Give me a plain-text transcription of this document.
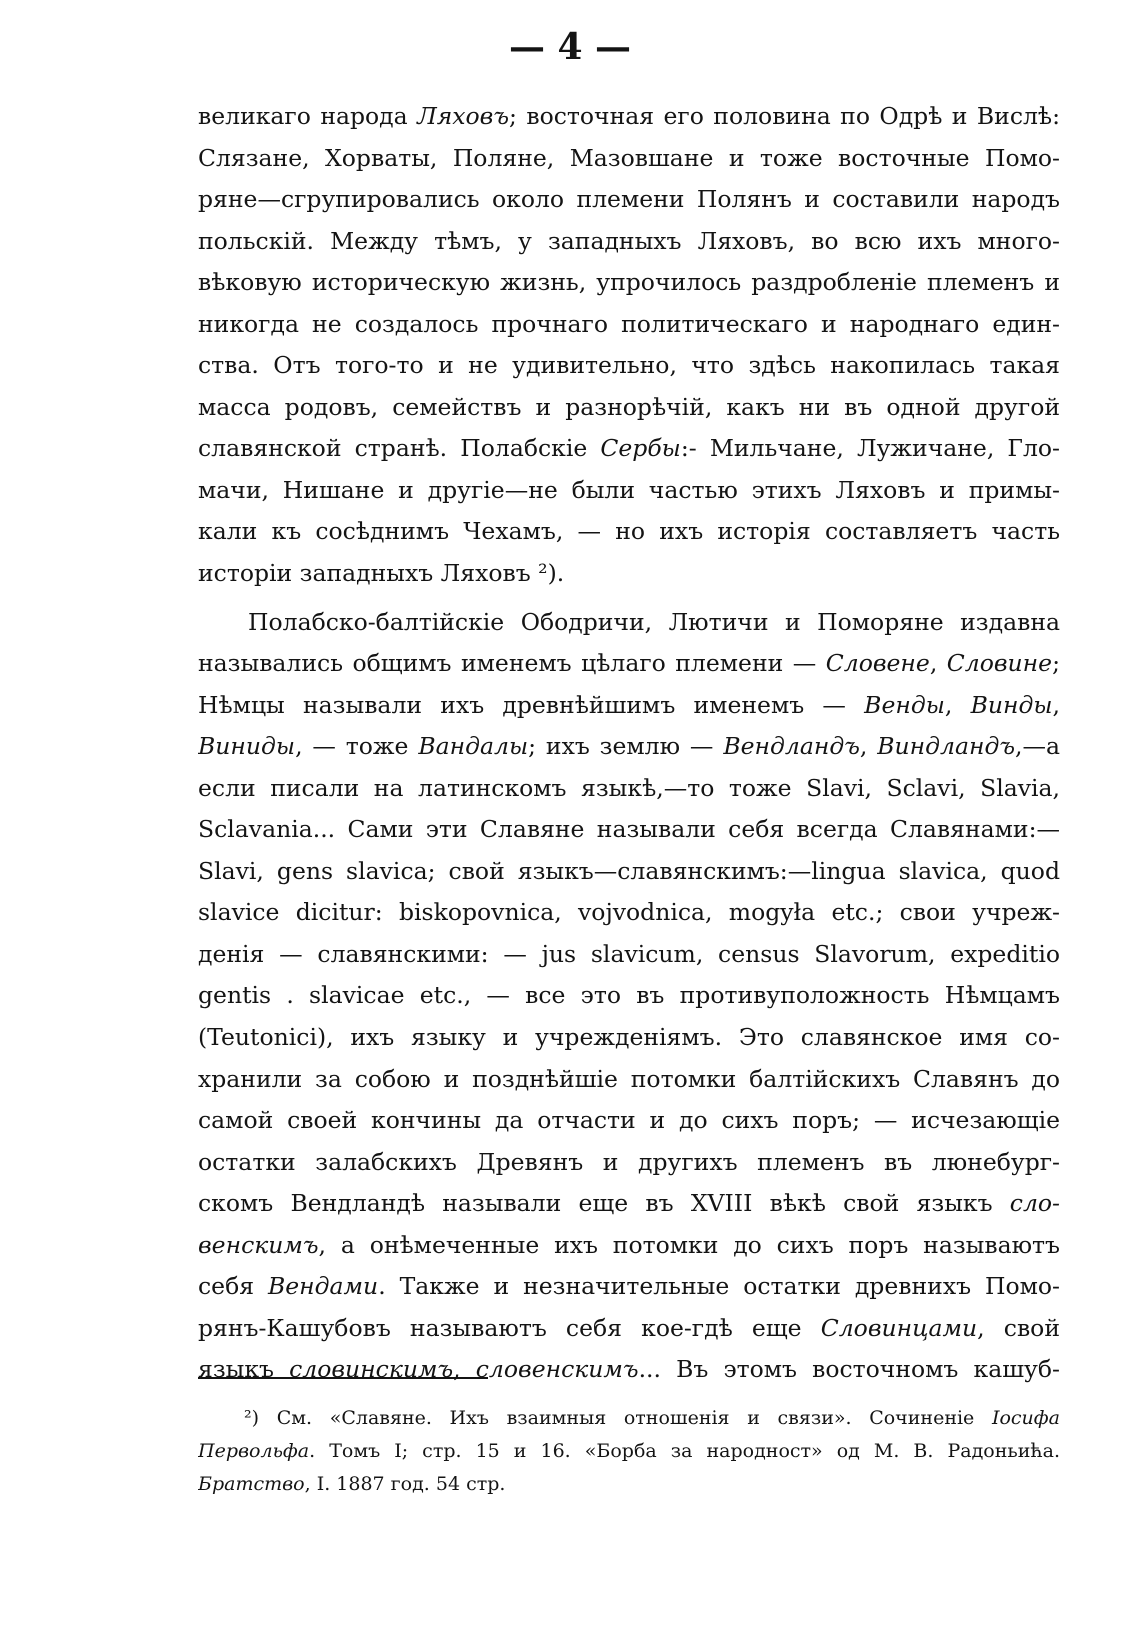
— 4 —
великаго народа Ляховъ; восточная его половина по Одрѣ и Вислѣ:
Слязане, Хорваты, Поляне, Мазовшане и тоже восточные Помо-
ряне—сгрупировались около племени Полянъ и составили народъ
польскій. Между тѣмъ, у западныхъ Ляховъ, во всю ихъ много-
вѣковую историческую жизнь, упрочилось раздробленіе племенъ и
никогда не создалось прочнаго политическаго и народнаго един-
ства. Отъ того-то и не удивительно, что здѣсь накопилась такая
масса родовъ, семействъ и разнорѣчій, какъ ни въ одной другой
славянской странѣ. Полабскіе Сербы:- Мильчане, Лужичане, Гло-
мачи, Нишане и другіе—не были частью этихъ Ляховъ и примы-
кали къ сосѣднимъ Чехамъ, — но ихъ исторія составляетъ часть
исторіи западныхъ Ляховъ ²).
Полабско-балтійскіе Ободричи, Лютичи и Поморяне издавна
назывались общимъ именемъ цѣлаго племени — Словене, Словине;
Нѣмцы называли ихъ древнѣйшимъ именемъ — Венды, Винды,
Виниды, — тоже Вандалы; ихъ землю — Вендландъ, Виндландъ,—а
если писали на латинскомъ языкѣ,—то тоже Slavi, Sclavi, Slavia,
Sclavania... Сами эти Славяне называли себя всегда Славянами:—
Slavi, gens slavica; свой языкъ—славянскимъ:—lingua slavica, quod
slavice dicitur: biskopovnica, vojvodnica, mogyła etc.; свои учреж-
денія — славянскими: — jus slavicum, census Slavorum, expeditio
gentis . slavicae etc., — все это въ противуположность Нѣмцамъ
(Teutonici), ихъ языку и учрежденіямъ. Это славянское имя со-
хранили за собою и позднѣйшіе потомки балтійскихъ Славянъ до
самой своей кончины да отчасти и до сихъ поръ; — исчезающіе
остатки залабскихъ Древянъ и другихъ племенъ въ люнебург-
скомъ Вендландѣ называли еще въ XVIII вѣкѣ свой языкъ сло-
венскимъ, а онѣмеченные ихъ потомки до сихъ поръ называютъ
себя Вендами. Также и незначительные остатки древнихъ Помо-
рянъ-Кашубовъ называютъ себя кое-гдѣ еще Словинцами, свой
языкъ словинскимъ, словенскимъ... Въ этомъ восточномъ кашуб-
²) См. «Славяне. Ихъ взаимныя отношенія и связи». Сочиненіе Іосифа
Первольфа. Томъ I; стр. 15 и 16. «Борба за народност» од М. В. Радоньића.
Братство, I. 1887 год. 54 стр.
